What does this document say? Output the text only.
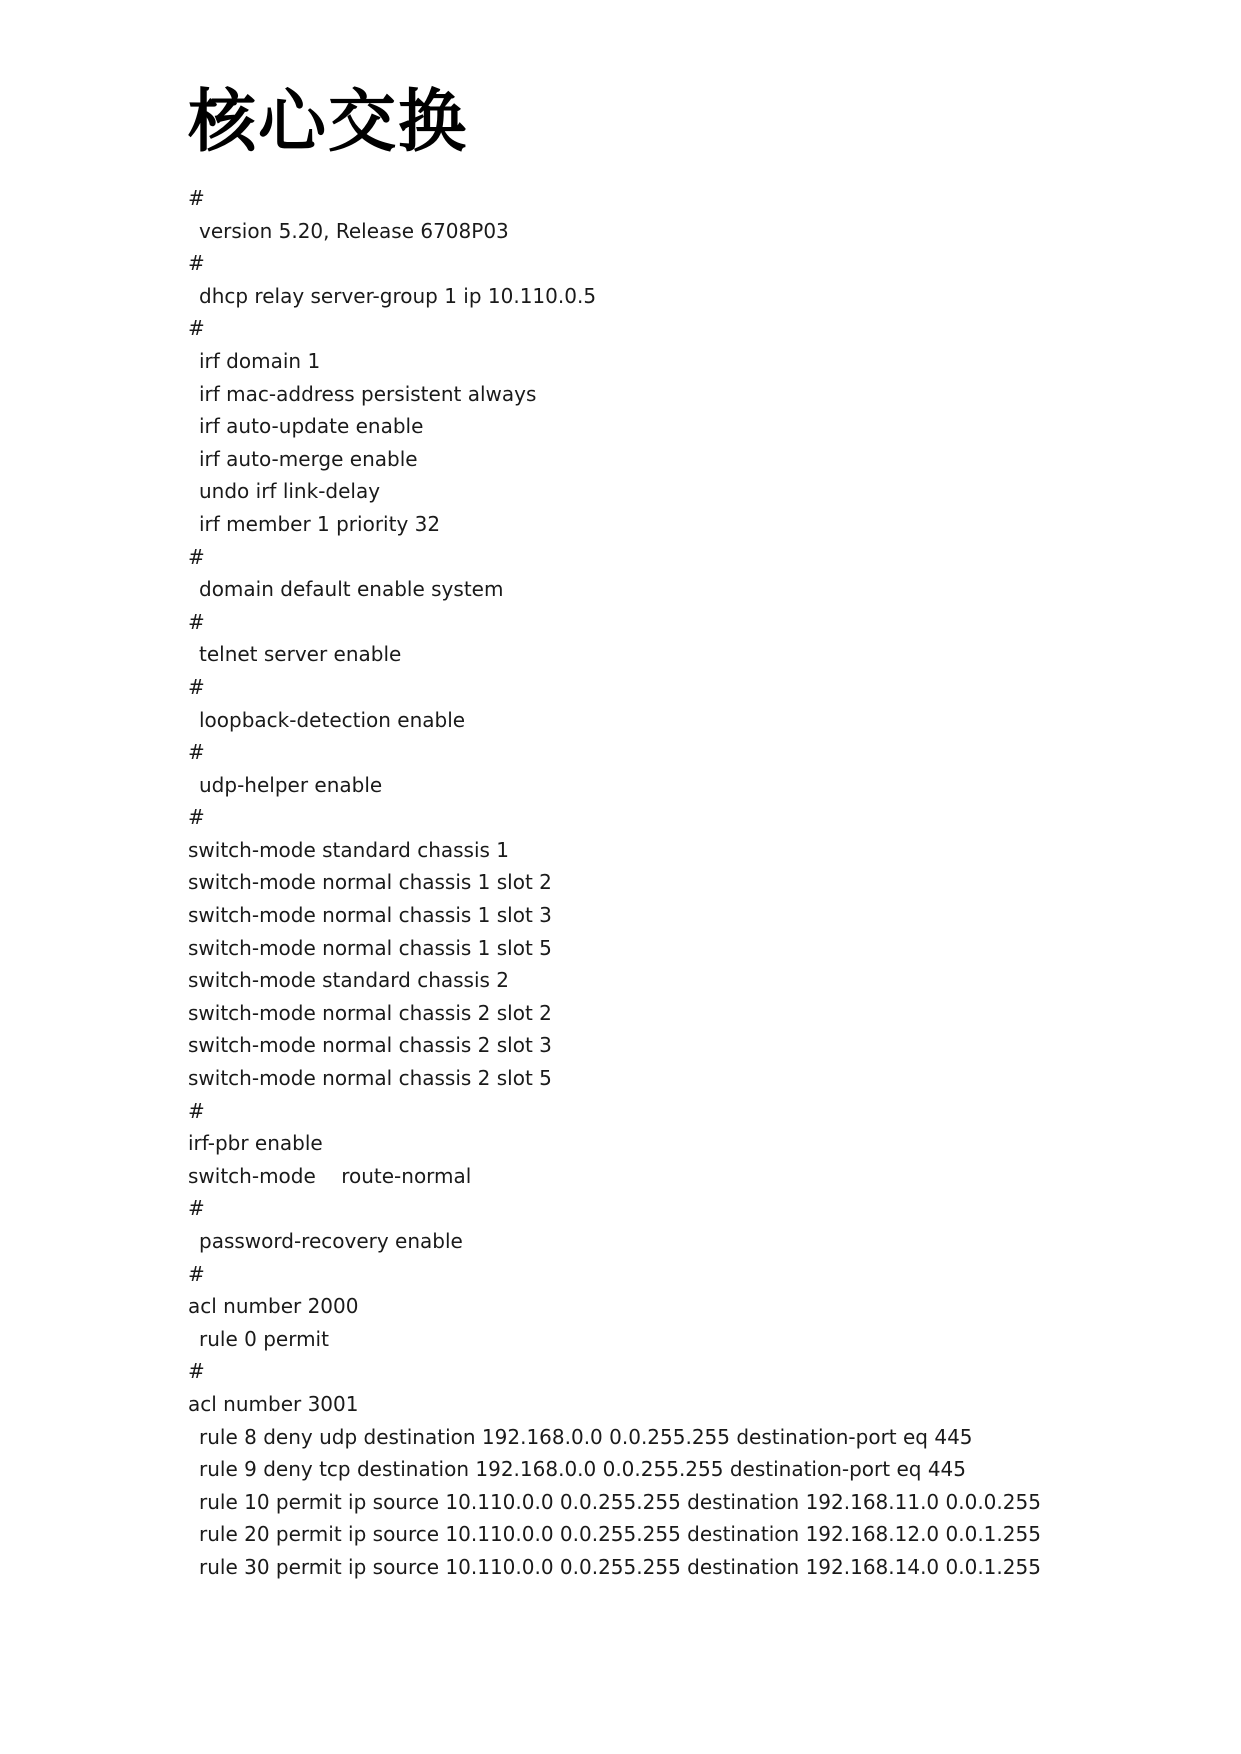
核心交换
#
version 5.20, Release 6708P03
#
dhcp relay server-group 1 ip 10.110.0.5
#
irf domain 1
irf mac-address persistent always
irf auto-update enable
irf auto-merge enable
undo irf link-delay
irf member 1 priority 32
#
domain default enable system
#
telnet server enable
#
loopback-detection enable
#
udp-helper enable
#
switch-mode standard chassis 1
switch-mode normal chassis 1 slot 2
switch-mode normal chassis 1 slot 3
switch-mode normal chassis 1 slot 5
switch-mode standard chassis 2
switch-mode normal chassis 2 slot 2
switch-mode normal chassis 2 slot 3
switch-mode normal chassis 2 slot 5
#
irf-pbr enable
switch-mode    route-normal
#
password-recovery enable
#
acl number 2000
rule 0 permit
#
acl number 3001
rule 8 deny udp destination 192.168.0.0 0.0.255.255 destination-port eq 445
rule 9 deny tcp destination 192.168.0.0 0.0.255.255 destination-port eq 445
rule 10 permit ip source 10.110.0.0 0.0.255.255 destination 192.168.11.0 0.0.0.255
rule 20 permit ip source 10.110.0.0 0.0.255.255 destination 192.168.12.0 0.0.1.255
rule 30 permit ip source 10.110.0.0 0.0.255.255 destination 192.168.14.0 0.0.1.255
